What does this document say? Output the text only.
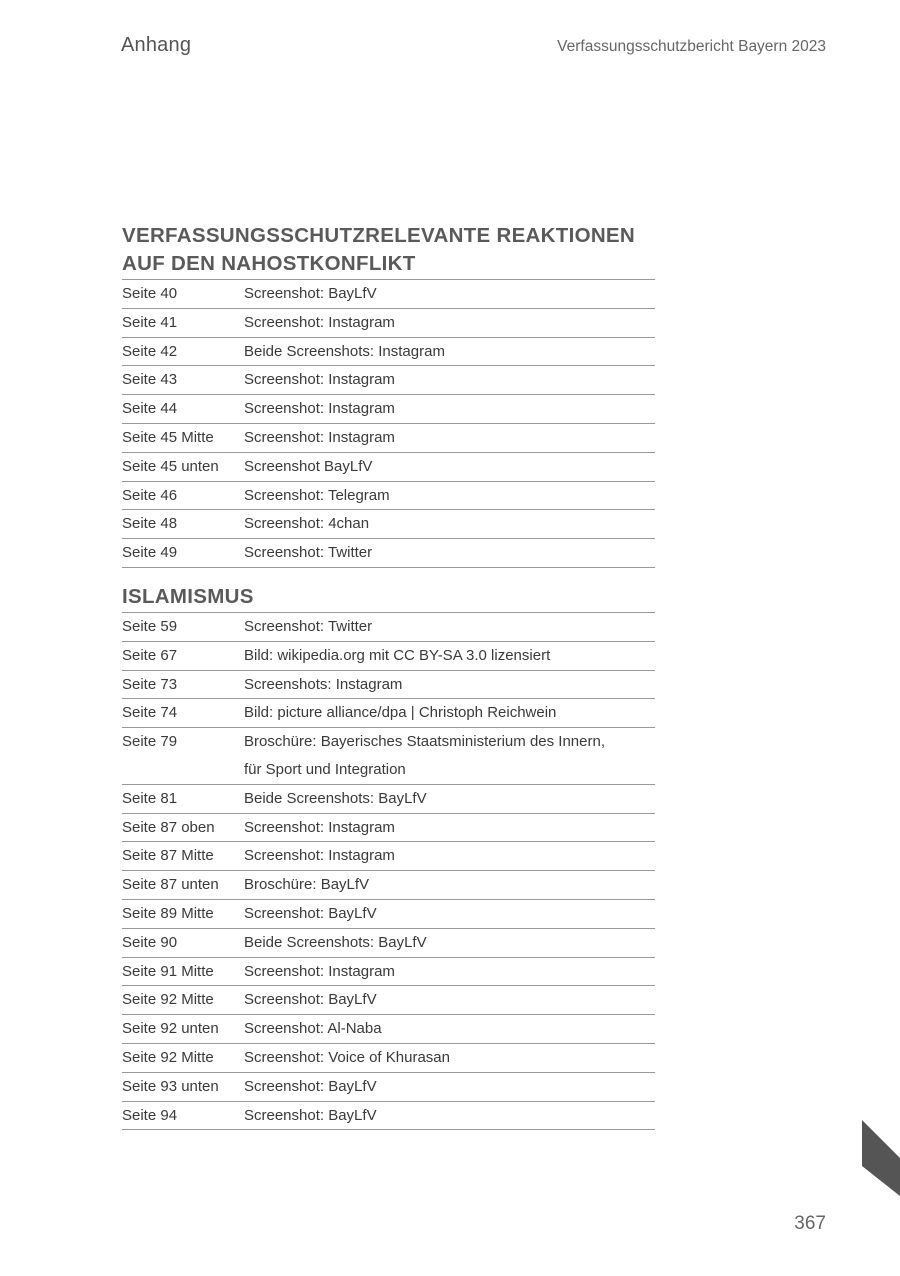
Anhang	Verfassungsschutzbericht Bayern 2023
VERFASSUNGSSCHUTZRELEVANTE REAKTIONEN
AUF DEN NAHOSTKONFLIKT
Seite 40	Screenshot: BayLfV
Seite 41	Screenshot: Instagram
Seite 42	Beide Screenshots: Instagram
Seite 43	Screenshot: Instagram
Seite 44	Screenshot: Instagram
Seite 45 Mitte	Screenshot: Instagram
Seite 45 unten	Screenshot BayLfV
Seite 46	Screenshot: Telegram
Seite 48	Screenshot: 4chan
Seite 49	Screenshot: Twitter
ISLAMISMUS
Seite 59	Screenshot: Twitter
Seite 67	Bild: wikipedia.org mit CC BY-SA 3.0 lizensiert
Seite 73	Screenshots: Instagram
Seite 74	Bild: picture alliance/dpa | Christoph Reichwein
Seite 79	Broschüre: Bayerisches Staatsministerium des Innern,
für Sport und Integration
Seite 81	Beide Screenshots: BayLfV
Seite 87 oben	Screenshot: Instagram
Seite 87 Mitte	Screenshot: Instagram
Seite 87 unten	Broschüre: BayLfV
Seite 89 Mitte	Screenshot: BayLfV
Seite 90	Beide Screenshots: BayLfV
Seite 91 Mitte	Screenshot: Instagram
Seite 92 Mitte	Screenshot: BayLfV
Seite 92 unten	Screenshot: Al-Naba
Seite 92 Mitte	Screenshot: Voice of Khurasan
Seite 93 unten	Screenshot: BayLfV
Seite 94	Screenshot: BayLfV
367
